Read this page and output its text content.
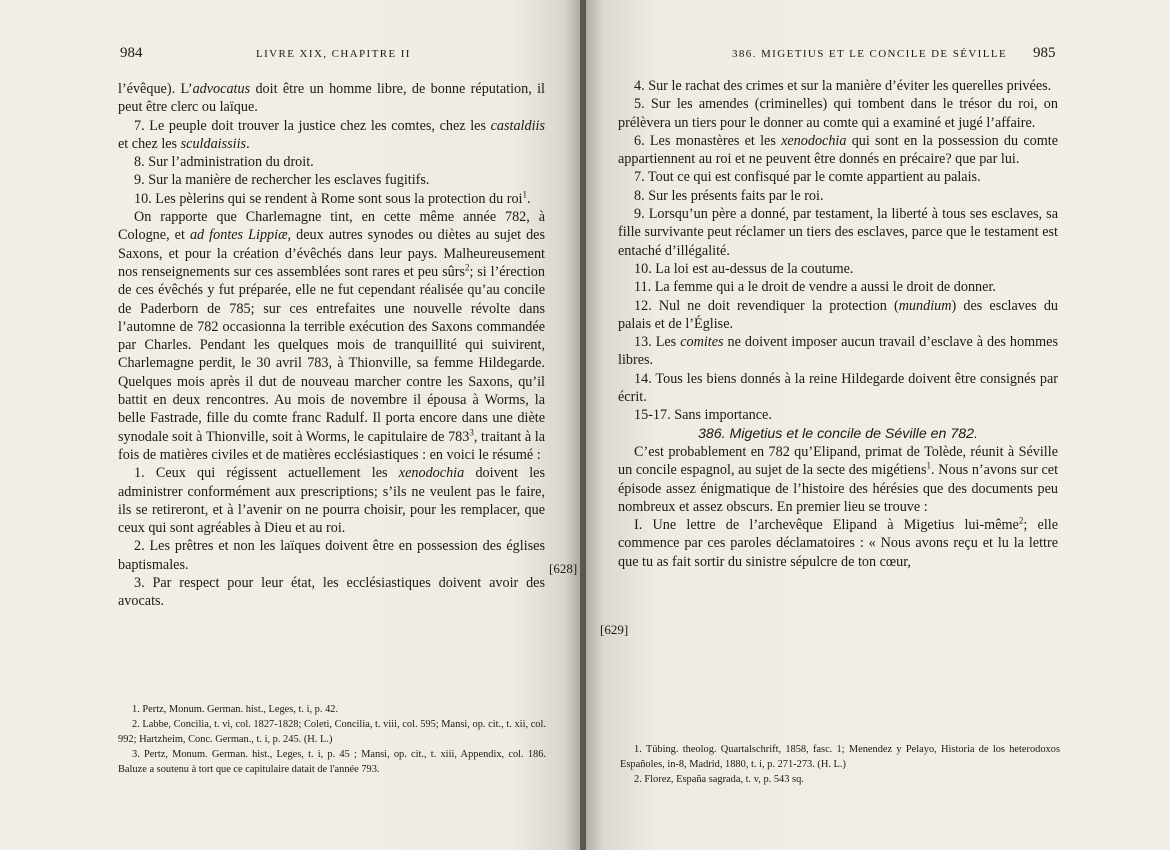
984	LIVRE XIX, CHAPITRE II

l’évêque). L’advocatus doit être un homme libre, de bonne réputation, il peut être clerc ou laïque.

7. Le peuple doit trouver la justice chez les comtes, chez les castaldiis et chez les sculdaissiis.

8. Sur l’administration du droit.

9. Sur la manière de rechercher les esclaves fugitifs.

10. Les pèlerins qui se rendent à Rome sont sous la protection du roi$^1$.

On rapporte que Charlemagne tint, en cette même année 782, à Cologne, et ad fontes Lippiæ, deux autres synodes ou diètes au sujet des Saxons, et pour la création d’évêchés dans leur pays. Malheureusement nos renseignements sur ces assemblées sont rares et peu sûrs$^2$; si l’érection de ces évêchés y fut préparée, elle ne fut cependant réalisée qu’au concile de Paderborn de 785; sur ces entrefaites une nouvelle révolte dans l’automne de 782 occasionna la terrible exécution des Saxons commandée par Charles. Pendant les quelques mois de tranquillité qui suivirent, Charlemagne perdit, le 30 avril 783, à Thionville, sa femme Hildegarde. Quelques mois après il dut de nouveau marcher contre les Saxons, qu’il battit en deux rencontres. Au mois de novembre il épousa à Worms, la belle Fastrade, fille du comte franc Radulf. Il porta encore dans une diète synodale soit à Thionville, soit à Worms, le capitulaire de $783^3$, traitant à la fois de matières civiles et de matières ecclésiastiques : en voici le résumé :

1. Ceux qui régissent actuellement les xenodochia doivent les administrer conformément aux prescriptions; s’ils ne veulent pas le faire, ils se retireront, et à l’avenir on ne pourra choisir, pour les remplacer, que ceux qui sont agréables à Dieu et au roi.

2. Les prêtres et non les laïques doivent être en possession des églises baptismales.

3. Par respect pour leur état, les ecclésiastiques doivent avoir des avocats.

[628]

1. Pertz, Monum. German. hist., Leges, t. i, p. 42.

2. Labbe, Concilia, t. vi, col. 1827-1828; Coleti, Concilia, t. viii, col. 595; Mansi, op. cit., t. xii, col. 992; Hartzheim, Conc. German., t. i, p. 245. (H. L.)

3. Pertz, Monum. German. hist., Leges, t. i, p. 45 ; Mansi, op. cit., t. xiii, Appendix, col. 186. Baluze a soutenu à tort que ce capitulaire datait de l'année 793.

386. MIGETIUS ET LE CONCILE DE SÉVILLE 985

4. Sur le rachat des crimes et sur la manière d’éviter les querelles privées.

5. Sur les amendes (criminelles) qui tombent dans le trésor du roi, on prélèvera un tiers pour le donner au comte qui a examiné et jugé l’affaire.

6. Les monastères et les xenodochia qui sont en la possession du comte appartiennent au roi et ne peuvent être donnés en précaire? que par lui.

7. Tout ce qui est confisqué par le comte appartient au palais.

8. Sur les présents faits par le roi.

9. Lorsqu’un père a donné, par testament, la liberté à tous ses esclaves, sa fille survivante peut réclamer un tiers des esclaves, parce que le testament est entaché d’illégalité.

10. La loi est au-dessus de la coutume.

11. La femme qui a le droit de vendre a aussi le droit de donner.

12. Nul ne doit revendiquer la protection (mundium) des esclaves du palais et de l’Église.

13. Les comites ne doivent imposer aucun travail d’esclave à des hommes libres.

14. Tous les biens donnés à la reine Hildegarde doivent être consignés par écrit.

15-17. Sans importance.

386. Migetius et le concile de Séville en 782.

C’est probablement en 782 qu’Elipand, primat de Tolède, réunit à Séville un concile espagnol, au sujet de la secte des migétiens$^1$. Nous n’avons sur cet épisode assez énigmatique de l’histoire des hérésies que des documents peu nombreux et assez obscurs. En premier lieu se trouve :

I. Une lettre de l’archevêque Elipand à Migetius lui-même$^2$; elle commence par ces paroles déclamatoires : « Nous avons reçu et lu la lettre que tu as fait sortir du sinistre sépulcre de ton cœur,

[629]

1. Tübing. theolog. Quartalschrift, 1858, fasc. 1; Menendez y Pelayo, Historia de los heterodoxos Españoles, in-8, Madrid, 1880, t. i, p. 271-273. (H. L.)

2. Florez, España sagrada, t. v, p. 543 sq.
